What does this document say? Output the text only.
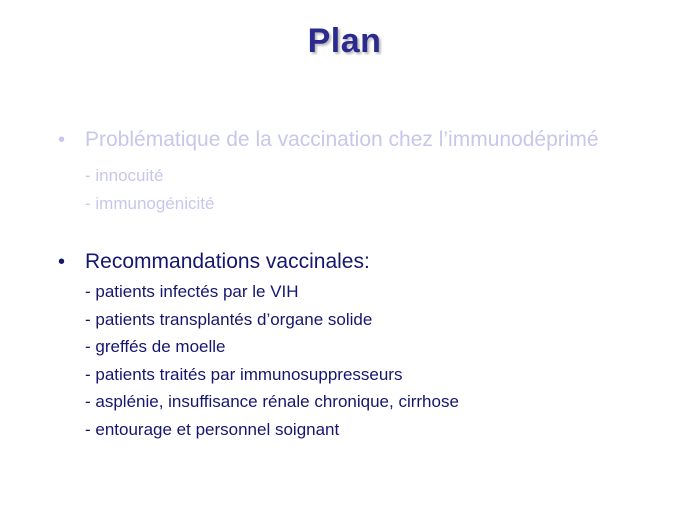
Plan
• Problématique de la vaccination chez l’immunodéprimé
- innocuité
- immunogénicité
• Recommandations vaccinales:
- patients infectés par le VIH
- patients transplantés d’organe solide
- greffés de moelle
- patients traités par immunosuppresseurs
- asplénie, insuffisance rénale chronique, cirrhose
- entourage et personnel soignant
